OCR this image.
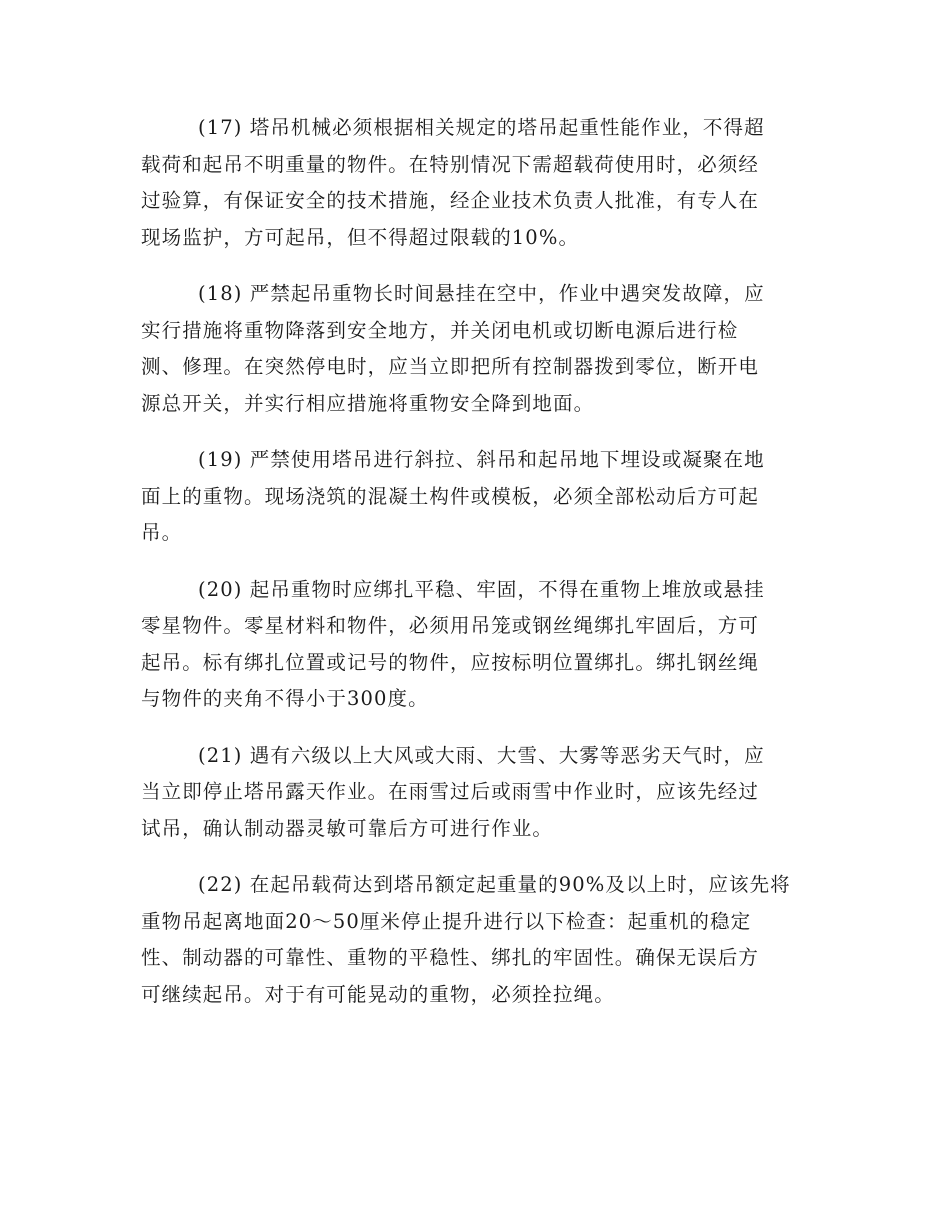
(17) 塔吊机械必须根据相关规定的塔吊起重性能作业，不得超
载荷和起吊不明重量的物件。在特别情况下需超载荷使用时，必须经
过验算，有保证安全的技术措施，经企业技术负责人批准，有专人在
现场监护，方可起吊，但不得超过限载的10%。

(18) 严禁起吊重物长时间悬挂在空中，作业中遇突发故障，应
实行措施将重物降落到安全地方，并关闭电机或切断电源后进行检
测、修理。在突然停电时，应当立即把所有控制器拨到零位，断开电
源总开关，并实行相应措施将重物安全降到地面。

(19) 严禁使用塔吊进行斜拉、斜吊和起吊地下埋设或凝聚在地
面上的重物。现场浇筑的混凝土构件或模板，必须全部松动后方可起
吊。

(20) 起吊重物时应绑扎平稳、牢固，不得在重物上堆放或悬挂
零星物件。零星材料和物件，必须用吊笼或钢丝绳绑扎牢固后，方可
起吊。标有绑扎位置或记号的物件，应按标明位置绑扎。绑扎钢丝绳
与物件的夹角不得小于300度。

(21) 遇有六级以上大风或大雨、大雪、大雾等恶劣天气时，应
当立即停止塔吊露天作业。在雨雪过后或雨雪中作业时，应该先经过
试吊，确认制动器灵敏可靠后方可进行作业。

(22) 在起吊载荷达到塔吊额定起重量的90%及以上时，应该先将
重物吊起离地面20～50厘米停止提升进行以下检查：起重机的稳定
性、制动器的可靠性、重物的平稳性、绑扎的牢固性。确保无误后方
可继续起吊。对于有可能晃动的重物，必须拴拉绳。
